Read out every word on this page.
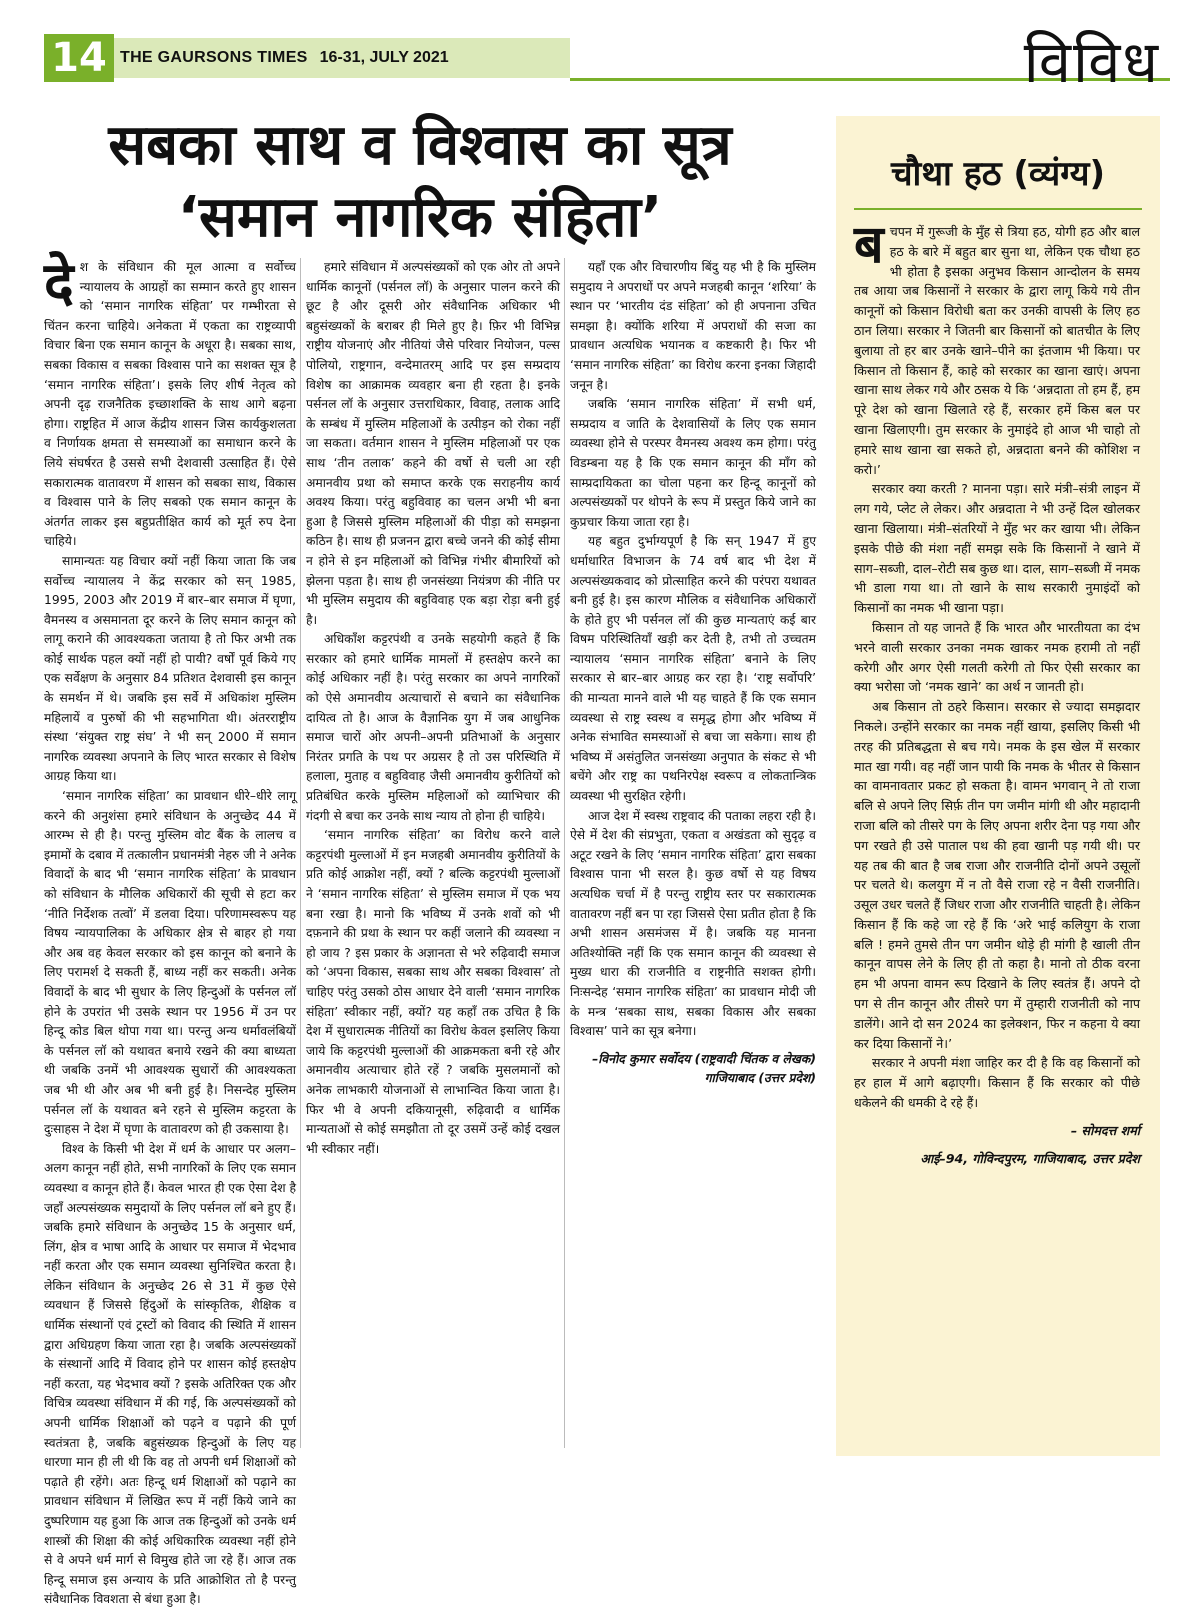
14 THE GAURSONS TIMES 16-31, JULY 2021	विविध
सबका साथ व विश्वास का सूत्र
‘समान नागरिक संहिता’

देश के संविधान की मूल आत्मा व सर्वोच्च न्यायालय के आग्रहों का सम्मान करते हुए शासन को ‘समान नागरिक संहिता’ पर गम्भीरता से चिंतन करना चाहिये। अनेकता में एकता का राष्ट्रव्यापी विचार बिना एक समान कानून के अधूरा है। सबका साथ, सबका विकास व सबका विश्वास पाने का सशक्त सूत्र है ‘समान नागरिक संहिता’। इसके लिए शीर्ष नेतृत्व को अपनी दृढ़ राजनैतिक इच्छाशक्ति के साथ आगे बढ़ना होगा। राष्ट्रहित में आज केंद्रीय शासन जिस कार्यकुशलता व निर्णायक क्षमता से समस्याओं का समाधान करने के लिये संघर्षरत है उससे सभी देशवासी उत्साहित हैं। ऐसे सकारात्मक वातावरण में शासन को सबका साथ, विकास व विश्वास पाने के लिए सबको एक समान कानून के अंतर्गत लाकर इस बहुप्रतीक्षित कार्य को मूर्त रुप देना चाहिये।

सामान्यतः यह विचार क्यों नहीं किया जाता कि जब सर्वोच्च न्यायालय ने केंद्र सरकार को सन् 1985, 1995, 2003 और 2019 में बार–बार समाज में घृणा, वैमनस्य व असमानता दूर करने के लिए समान कानून को लागू कराने की आवश्यकता जताया है तो फिर अभी तक कोई सार्थक पहल क्यों नहीं हो पायी? वर्षों पूर्व किये गए एक सर्वेक्षण के अनुसार 84 प्रतिशत देशवासी इस कानून के समर्थन में थे। जबकि इस सर्वे में अधिकांश मुस्लिम महिलायें व पुरुषों की भी सहभागिता थी। अंतरराष्ट्रीय संस्था ‘संयुक्त राष्ट्र संघ’ ने भी सन् 2000 में समान नागरिक व्यवस्था अपनाने के लिए भारत सरकार से विशेष आग्रह किया था।

‘समान नागरिक संहिता’ का प्रावधान धीरे–धीरे लागू करने की अनुशंसा हमारे संविधान के अनुच्छेद 44 में आरम्भ से ही है। परन्तु मुस्लिम वोट बैंक के लालच व इमामों के दबाव में तत्कालीन प्रधानमंत्री नेहरु जी ने अनेक विवादों के बाद भी ‘समान नागरिक संहिता’ के प्रावधान को संविधान के मौलिक अधिकारों की सूची से हटा कर ‘नीति निर्देशक तत्वों’ में डलवा दिया। परिणामस्वरूप यह विषय न्यायपालिका के अधिकार क्षेत्र से बाहर हो गया और अब वह केवल सरकार को इस कानून को बनाने के लिए परामर्श दे सकती हैं, बाध्य नहीं कर सकती। अनेक विवादों के बाद भी सुधार के लिए हिन्दुओं के पर्सनल लॉ होने के उपरांत भी उसके स्थान पर 1956 में उन पर हिन्दू कोड बिल थोपा गया था। परन्तु अन्य धर्मावलंबियों के पर्सनल लॉ को यथावत बनाये रखने की क्या बाध्यता थी जबकि उनमें भी आवश्यक सुधारों की आवश्यकता जब भी थी और अब भी बनी हुई है। निसन्देह मुस्लिम पर्सनल लॉ के यथावत बने रहने से मुस्लिम कट्टरता के दुःसाहस ने देश में घृणा के वातावरण को ही उकसाया है।

विश्व के किसी भी देश में धर्म के आधार पर अलग–अलग कानून नहीं होते, सभी नागरिकों के लिए एक समान व्यवस्था व कानून होते हैं। केवल भारत ही एक ऐसा देश है जहाँ अल्पसंख्यक समुदायों के लिए पर्सनल लॉ बने हुए हैं। जबकि हमारे संविधान के अनुच्छेद 15 के अनुसार धर्म, लिंग, क्षेत्र व भाषा आदि के आधार पर समाज में भेदभाव नहीं करता और एक समान व्यवस्था सुनिश्चित करता है। लेकिन संविधान के अनुच्छेद 26 से 31 में कुछ ऐसे व्यवधान हैं जिससे हिंदुओं के सांस्कृतिक, शैक्षिक व धार्मिक संस्थानों एवं ट्रस्टों को विवाद की स्थिति में शासन द्वारा अधिग्रहण किया जाता रहा है। जबकि अल्पसंख्यकों के संस्थानों आदि में विवाद होने पर शासन कोई हस्तक्षेप नहीं करता, यह भेदभाव क्यों ? इसके अतिरिक्त एक और विचित्र व्यवस्था संविधान में की गई, कि अल्पसंख्यकों को अपनी धार्मिक शिक्षाओं को पढ़ने व पढ़ाने की पूर्ण स्वतंत्रता है, जबकि बहुसंख्यक हिन्दुओं के लिए यह धारणा मान ही ली थी कि वह तो अपनी धर्म शिक्षाओं को पढ़ाते ही रहेंगे। अतः हिन्दू धर्म शिक्षाओं को पढ़ाने का प्रावधान संविधान में लिखित रूप में नहीं किये जाने का दुष्परिणाम यह हुआ कि आज तक हिन्दुओं को उनके धर्म शास्त्रों की शिक्षा की कोई अधिकारिक व्यवस्था नहीं होने से वे अपने धर्म मार्ग से विमुख होते जा रहे हैं। आज तक हिन्दू समाज इस अन्याय के प्रति आक्रोशित तो है परन्तु संवैधानिक विवशता से बंधा हुआ है।

हमारे संविधान में अल्पसंख्यकों को एक ओर तो अपने धार्मिक कानूनों (पर्सनल लॉ) के अनुसार पालन करने की छूट है और दूसरी ओर संवैधानिक अधिकार भी बहुसंख्यकों के बराबर ही मिले हुए है। फ़िर भी विभिन्न राष्ट्रीय योजनाएं और नीतियां जैसे परिवार नियोजन, पल्स पोलियो, राष्ट्रगान, वन्देमातरम् आदि पर इस सम्प्रदाय विशेष का आक्रामक व्यवहार बना ही रहता है। इनके पर्सनल लॉ के अनुसार उत्तराधिकार, विवाह, तलाक आदि के सम्बंध में मुस्लिम महिलाओं के उत्पीड़न को रोका नहीं जा सकता। वर्तमान शासन ने मुस्लिम महिलाओं पर एक साथ ‘तीन तलाक’ कहने की वर्षो से चली आ रही अमानवीय प्रथा को समाप्त करके एक सराहनीय कार्य अवश्य किया। परंतु बहुविवाह का चलन अभी भी बना हुआ है जिससे मुस्लिम महिलाओं की पीड़ा को समझना कठिन है। साथ ही प्रजनन द्वारा बच्चे जनने की कोई सीमा न होने से इन महिलाओं को विभिन्न गंभीर बीमारियों को झेलना पड़ता है। साथ ही जनसंख्या नियंत्रण की नीति पर भी मुस्लिम समुदाय की बहुविवाह एक बड़ा रोड़ा बनी हुई है।

अधिकाँश कट्टरपंथी व उनके सहयोगी कहते हैं कि सरकार को हमारे धार्मिक मामलों में हस्तक्षेप करने का कोई अधिकार नहीं है। परंतु सरकार का अपने नागरिकों को ऐसे अमानवीय अत्याचारों से बचाने का संवैधानिक दायित्व तो है। आज के वैज्ञानिक युग में जब आधुनिक समाज चारों ओर अपनी–अपनी प्रतिभाओं के अनुसार निरंतर प्रगति के पथ पर अग्रसर है तो उस परिस्थिति में हलाला, मुताह व बहुविवाह जैसी अमानवीय कुरीतियों को प्रतिबंधित करके मुस्लिम महिलाओं को व्याभिचार की गंदगी से बचा कर उनके साथ न्याय तो होना ही चाहिये।

‘समान नागरिक संहिता’ का विरोध करने वाले कट्टरपंथी मुल्लाओं में इन मजहबी अमानवीय कुरीतियों के प्रति कोई आक्रोश नहीं, क्यों ? बल्कि कट्टरपंथी मुल्लाओं ने ‘समान नागरिक संहिता’ से मुस्लिम समाज में एक भय बना रखा है। मानो कि भविष्य में उनके शवों को भी दफ़नाने की प्रथा के स्थान पर कहीं जलाने की व्यवस्था न हो जाय ? इस प्रकार के अज्ञानता से भरे रुढ़िवादी समाज को ‘अपना विकास, सबका साथ और सबका विश्वास’ तो चाहिए परंतु उसको ठोस आधार देने वाली ‘समान नागरिक संहिता’ स्वीकार नहीं, क्यों? यह कहाँ तक उचित है कि देश में सुधारात्मक नीतियों का विरोध केवल इसलिए किया जाये कि कट्टरपंथी मुल्लाओं की आक्रमकता बनी रहे और अमानवीय अत्याचार होते रहें ? जबकि मुसलमानों को अनेक लाभकारी योजनाओं से लाभान्वित किया जाता है। फिर भी वे अपनी दकियानूसी, रुढ़िवादी व धार्मिक मान्यताओं से कोई समझौता तो दूर उसमें उन्हें कोई दखल भी स्वीकार नहीं।

यहाँ एक और विचारणीय बिंदु यह भी है कि मुस्लिम समुदाय ने अपराधों पर अपने मजहबी कानून ‘शरिया’ के स्थान पर ‘भारतीय दंड संहिता’ को ही अपनाना उचित समझा है। क्योंकि शरिया में अपराधों की सजा का प्रावधान अत्यधिक भयानक व कष्टकारी है। फिर भी ‘समान नागरिक संहिता’ का विरोध करना इनका जिहादी जनून है।

जबकि ‘समान नागरिक संहिता’ में सभी धर्म, सम्प्रदाय व जाति के देशवासियों के लिए एक समान व्यवस्था होने से परस्पर वैमनस्य अवश्य कम होगा। परंतु विडम्बना यह है कि एक समान कानून की माँग को साम्प्रदायिकता का चोला पहना कर हिन्दू कानूनों को अल्पसंख्यकों पर थोपने के रूप में प्रस्तुत किये जाने का कुप्रचार किया जाता रहा है।

यह बहुत दुर्भाग्यपूर्ण है कि सन् 1947 में हुए धर्माधारित विभाजन के 74 वर्ष बाद भी देश में अल्पसंख्यकवाद को प्रोत्साहित करने की परंपरा यथावत बनी हुई है। इस कारण मौलिक व संवैधानिक अधिकारों के होते हुए भी पर्सनल लॉ की कुछ मान्यताएं कई बार विषम परिस्थितियाँ खड़ी कर देती है, तभी तो उच्चतम न्यायालय ‘समान नागरिक संहिता’ बनाने के लिए सरकार से बार–बार आग्रह कर रहा है। ‘राष्ट्र सर्वोपरि’ की मान्यता मानने वाले भी यह चाहते हैं कि एक समान व्यवस्था से राष्ट्र स्वस्थ व समृद्ध होगा और भविष्य में अनेक संभावित समस्याओं से बचा जा सकेगा। साथ ही भविष्य में असंतुलित जनसंख्या अनुपात के संकट से भी बचेंगे और राष्ट्र का पथनिरपेक्ष स्वरूप व लोकतान्त्रिक व्यवस्था भी सुरक्षित रहेगी।

आज देश में स्वस्थ राष्ट्रवाद की पताका लहरा रही है। ऐसे में देश की संप्रभुता, एकता व अखंडता को सुदृढ़ व अटूट रखने के लिए ‘समान नागरिक संहिता’ द्वारा सबका विश्वास पाना भी सरल है। कुछ वर्षो से यह विषय अत्यधिक चर्चा में है परन्तु राष्ट्रीय स्तर पर सकारात्मक वातावरण नहीं बन पा रहा जिससे ऐसा प्रतीत होता है कि अभी शासन असमंजस में है। जबकि यह मानना अतिश्योक्ति नहीं कि एक समान कानून की व्यवस्था से मुख्य धारा की राजनीति व राष्ट्रनीति सशक्त होगी। निःसन्देह ‘समान नागरिक संहिता’ का प्रावधान मोदी जी के मन्त्र ‘सबका साथ, सबका विकास और सबका विश्वास’ पाने का सूत्र बनेगा।

–विनोद कुमार सर्वोदय (राष्ट्रवादी चिंतक व लेखक) गाजियाबाद (उत्तर प्रदेश)

चौथा हठ (व्यंग्य)

बचपन में गुरूजी के मुँह से त्रिया हठ, योगी हठ और बाल हठ के बारे में बहुत बार सुना था, लेकिन एक चौथा हठ भी होता है इसका अनुभव किसान आन्दोलन के समय तब आया जब किसानों ने सरकार के द्वारा लागू किये गये तीन कानूनों को किसान विरोधी बता कर उनकी वापसी के लिए हठ ठान लिया। सरकार ने जितनी बार किसानों को बातचीत के लिए बुलाया तो हर बार उनके खाने–पीने का इंतजाम भी किया। पर किसान तो किसान हैं, काहे को सरकार का खाना खाएं। अपना खाना साथ लेकर गये और ठसक ये कि ‘अन्नदाता तो हम हैं, हम पूरे देश को खाना खिलाते रहे हैं, सरकार हमें किस बल पर खाना खिलाएगी। तुम सरकार के नुमाइंदे हो आज भी चाहो तो हमारे साथ खाना खा सकते हो, अन्नदाता बनने की कोशिश न करो।’

सरकार क्या करती ? मानना पड़ा। सारे मंत्री–संत्री लाइन में लग गये, प्लेट ले लेकर। और अन्नदाता ने भी उन्हें दिल खोलकर खाना खिलाया। मंत्री–संतरियों ने मुँह भर कर खाया भी। लेकिन इसके पीछे की मंशा नहीं समझ सके कि किसानों ने खाने में साग–सब्जी, दाल–रोटी सब कुछ था। दाल, साग–सब्जी में नमक भी डाला गया था। तो खाने के साथ सरकारी नुमाइंदों को किसानों का नमक भी खाना पड़ा।

किसान तो यह जानते हैं कि भारत और भारतीयता का दंभ भरने वाली सरकार उनका नमक खाकर नमक हरामी तो नहीं करेगी और अगर ऐसी गलती करेगी तो फिर ऐसी सरकार का क्या भरोसा जो ‘नमक खाने’ का अर्थ न जानती हो।

अब किसान तो ठहरे किसान। सरकार से ज्यादा समझदार निकले। उन्होंने सरकार का नमक नहीं खाया, इसलिए किसी भी तरह की प्रतिबद्धता से बच गये। नमक के इस खेल में सरकार मात खा गयी। वह नहीं जान पायी कि नमक के भीतर से किसान का वामनावतार प्रकट हो सकता है। वामन भगवान् ने तो राजा बलि से अपने लिए सिर्फ़ तीन पग जमीन मांगी थी और महादानी राजा बलि को तीसरे पग के लिए अपना शरीर देना पड़ गया और पग रखते ही उसे पाताल पथ की हवा खानी पड़ गयी थी। पर यह तब की बात है जब राजा और राजनीति दोनों अपने उसूलों पर चलते थे। कलयुग में न तो वैसे राजा रहे न वैसी राजनीति। उसूल उधर चलते हैं जिधर राजा और राजनीति चाहती है। लेकिन किसान हैं कि कहे जा रहे हैं कि ‘अरे भाई कलियुग के राजा बलि ! हमने तुमसे तीन पग जमीन थोड़े ही मांगी है खाली तीन कानून वापस लेने के लिए ही तो कहा है। मानो तो ठीक वरना हम भी अपना वामन रूप दिखाने के लिए स्वतंत्र हैं। अपने दो पग से तीन कानून और तीसरे पग में तुम्हारी राजनीती को नाप डालेंगे। आने दो सन 2024 का इलेक्शन, फिर न कहना ये क्या कर दिया किसानों ने।’

सरकार ने अपनी मंशा जाहिर कर दी है कि वह किसानों को हर हाल में आगे बढ़ाएगी। किसान हैं कि सरकार को पीछे धकेलने की धमकी दे रहे हैं।

– सोमदत्त शर्मा

आई–94, गोविन्दपुरम, गाजियाबाद, उत्तर प्रदेश
